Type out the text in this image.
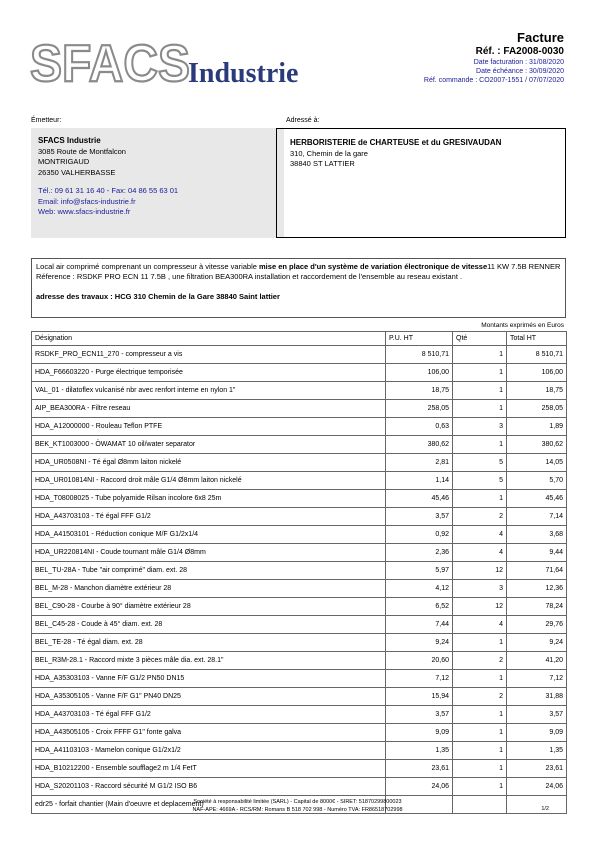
SFACS
Industrie
Facture
Réf. : FA2008-0030
Date facturation : 31/08/2020
Date échéance : 30/09/2020
Réf. commande : CO2007-1551 / 07/07/2020
Émetteur:	Adressé à:
SFACS Industrie
3085 Route de Montfalcon
MONTRIGAUD
26350 VALHERBASSE
Tél.: 09 61 31 16 40 - Fax: 04 86 55 63 01
Email: info@sfacs-industrie.fr
Web: www.sfacs-industrie.fr
HERBORISTERIE de CHARTEUSE et du GRESIVAUDAN
310, Chemin de la gare
38840 ST LATTIER
Local air comprimé comprenant un compresseur à vitesse variable mise en place d'un système de variation électronique de vitesse11 KW 7.5B RENNER Réference : RSDKF PRO ECN 11 7.5B , une filtration BEA300RA installation et raccordement de l'ensemble au reseau existant .
adresse des travaux : HCG 310 Chemin de la Gare 38840 Saint lattier
Montants exprimés en Euros
Désignation	P.U. HT	Qté	Total HT
RSDKF_PRO_ECN11_270 - compresseur a vis	8 510,71	1	8 510,71
HDA_F66603220 - Purge électrique temporisée	106,00	1	106,00
VAL_01 - dilatoflex vulcanisé nbr avec renfort interne en nylon 1"	18,75	1	18,75
AIP_BEA300RA - Filtre reseau	258,05	1	258,05
HDA_A12000000 - Rouleau Teflon PTFE	0,63	3	1,89
BEK_KT1003000 - ÖWAMAT 10 oil/water separator	380,62	1	380,62
HDA_UR0508NI - Té égal Ø8mm laiton nickelé	2,81	5	14,05
HDA_UR010814NI - Raccord droit mâle G1/4 Ø8mm laiton nickelé	1,14	5	5,70
HDA_T08008025 - Tube polyamide Rilsan incolore 6x8 25m	45,46	1	45,46
HDA_A43703103 - Té égal FFF G1/2	3,57	2	7,14
HDA_A41503101 - Réduction conique M/F G1/2x1/4	0,92	4	3,68
HDA_UR220814NI - Coude tournant mâle G1/4 Ø8mm	2,36	4	9,44
BEL_TU-28A - Tube "air comprimé" diam. ext. 28	5,97	12	71,64
BEL_M-28 - Manchon diamètre extérieur 28	4,12	3	12,36
BEL_C90-28 - Courbe à 90° diamètre extérieur 28	6,52	12	78,24
BEL_C45-28 - Coude à 45° diam. ext. 28	7,44	4	29,76
BEL_TE-28 - Té égal diam. ext. 28	9,24	1	9,24
BEL_R3M-28.1 - Raccord mixte 3 pièces mâle dia. ext. 28.1"	20,60	2	41,20
HDA_A35303103 - Vanne F/F G1/2 PN50 DN15	7,12	1	7,12
HDA_A35305105 - Vanne F/F G1" PN40 DN25	15,94	2	31,88
HDA_A43703103 - Té égal FFF G1/2	3,57	1	3,57
HDA_A43505105 - Croix FFFF G1" fonte galva	9,09	1	9,09
HDA_A41103103 - Mamelon conique G1/2x1/2	1,35	1	1,35
HDA_B10212200 - Ensemble soufflage2 m 1/4 FetT	23,61	1	23,61
HDA_S20201103 - Raccord sécurité M G1/2 ISO B6	24,06	1	24,06
edr25 - forfait chantier (Main d'oeuvre et deplacement)			
Société à responsabilité limitée (SARL) - Capital de 8000€ - SIRET: 51870299800023
NAF-APE: 4669A - RCS/RM: Romans B 518 702 998 - Numéro TVA: FR86518702998	1/2
